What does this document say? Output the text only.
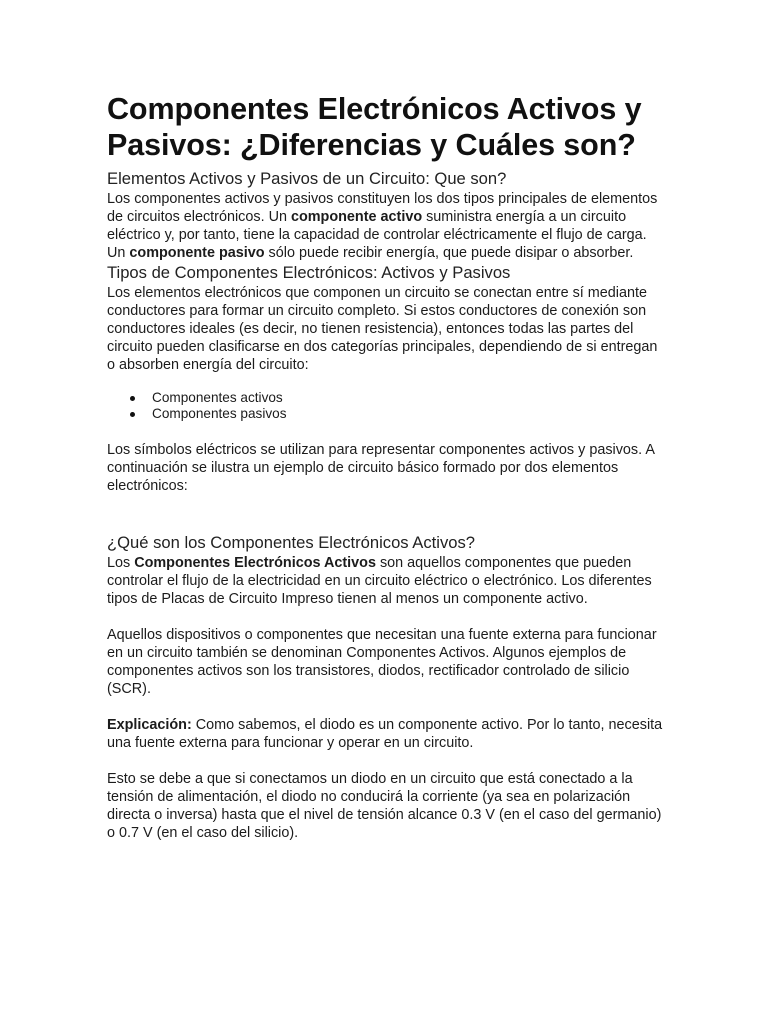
Componentes Electrónicos Activos y Pasivos: ¿Diferencias y Cuáles son?
Elementos Activos y Pasivos de un Circuito: Que son?

Los componentes activos y pasivos constituyen los dos tipos principales de elementos de circuitos electrónicos. Un componente activo suministra energía a un circuito eléctrico y, por tanto, tiene la capacidad de controlar eléctricamente el flujo de carga. Un componente pasivo sólo puede recibir energía, que puede disipar o absorber.

Tipos de Componentes Electrónicos: Activos y Pasivos

Los elementos electrónicos que componen un circuito se conectan entre sí mediante conductores para formar un circuito completo. Si estos conductores de conexión son conductores ideales (es decir, no tienen resistencia), entonces todas las partes del circuito pueden clasificarse en dos categorías principales, dependiendo de si entregan o absorben energía del circuito:

Componentes activos
Componentes pasivos

Los símbolos eléctricos se utilizan para representar componentes activos y pasivos. A continuación se ilustra un ejemplo de circuito básico formado por dos elementos electrónicos:

¿Qué son los Componentes Electrónicos Activos?

Los Componentes Electrónicos Activos son aquellos componentes que pueden controlar el flujo de la electricidad en un circuito eléctrico o electrónico. Los diferentes tipos de Placas de Circuito Impreso tienen al menos un componente activo.

Aquellos dispositivos o componentes que necesitan una fuente externa para funcionar en un circuito también se denominan Componentes Activos. Algunos ejemplos de componentes activos son los transistores, diodos, rectificador controlado de silicio (SCR).

Explicación: Como sabemos, el diodo es un componente activo. Por lo tanto, necesita una fuente externa para funcionar y operar en un circuito.

Esto se debe a que si conectamos un diodo en un circuito que está conectado a la tensión de alimentación, el diodo no conducirá la corriente (ya sea en polarización directa o inversa) hasta que el nivel de tensión alcance 0.3 V (en el caso del germanio) o 0.7 V (en el caso del silicio).
